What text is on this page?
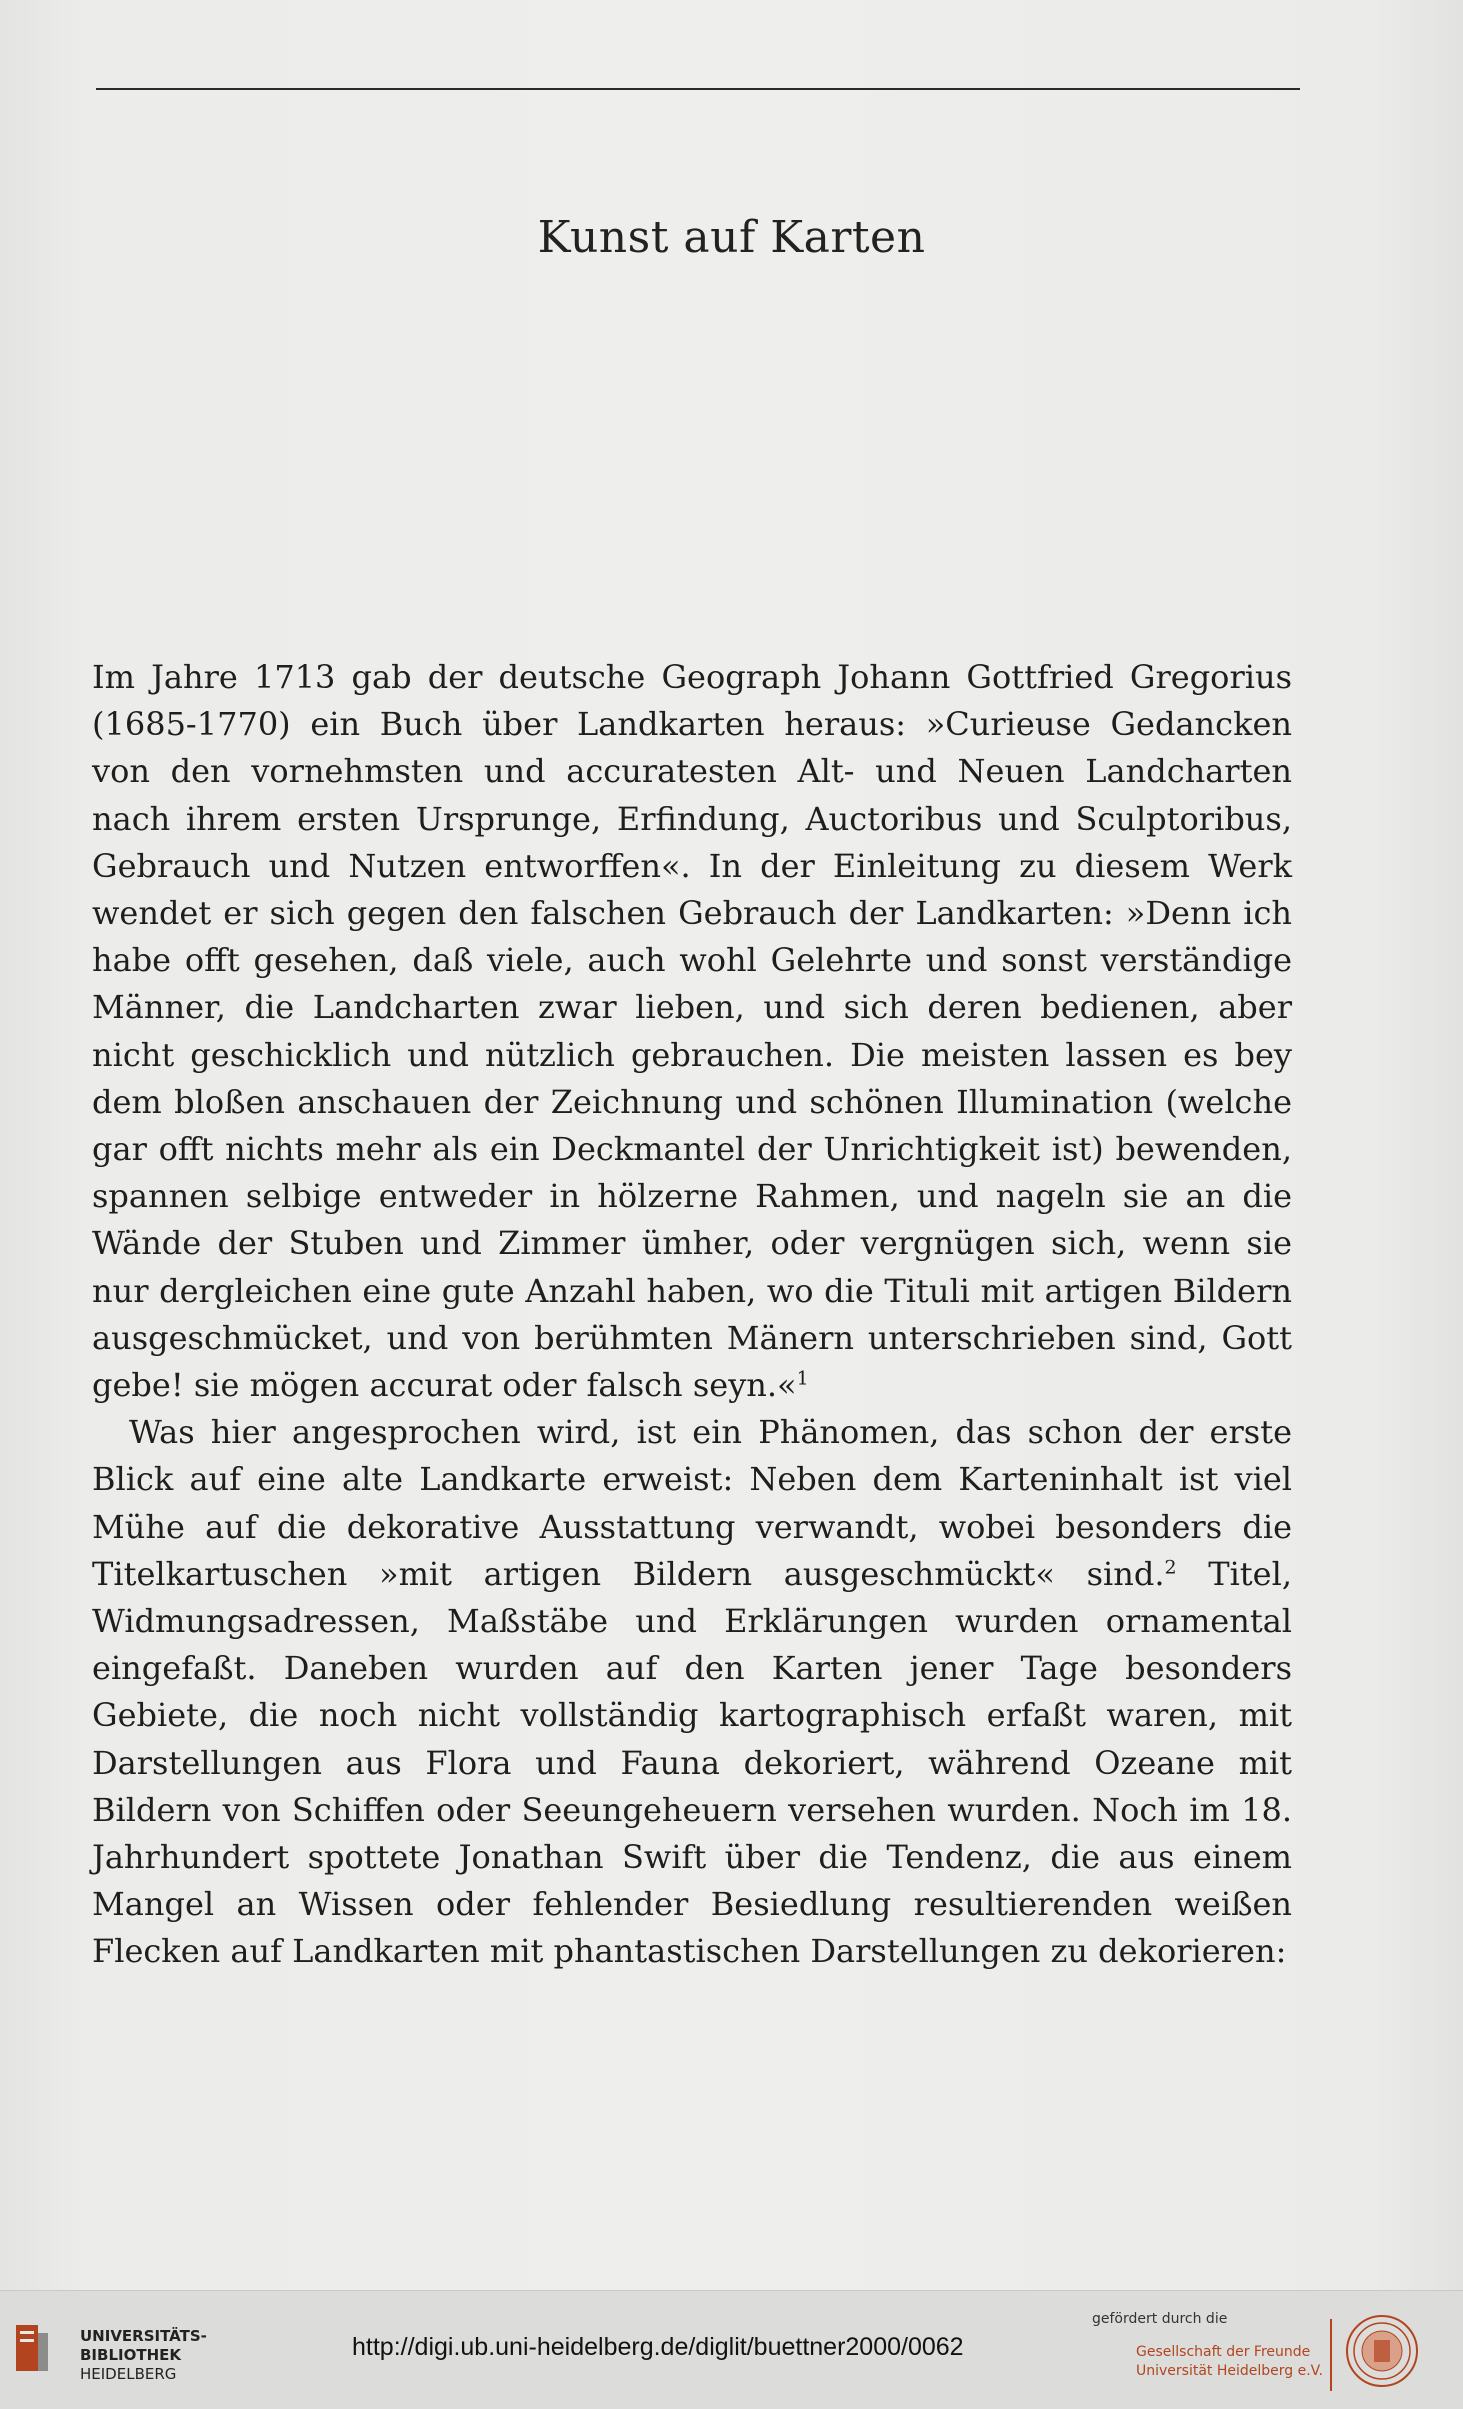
Kunst auf Karten

Im Jahre 1713 gab der deutsche Geograph Johann Gottfried Gregorius (1685-1770) ein Buch über Landkarten heraus: »Curieuse Gedancken von den vornehmsten und accuratesten Alt- und Neuen Landcharten nach ihrem ersten Ursprunge, Erfindung, Auctoribus und Sculptoribus, Gebrauch und Nutzen entworffen«. In der Einleitung zu diesem Werk wendet er sich gegen den falschen Gebrauch der Landkarten: »Denn ich habe offt gesehen, daß viele, auch wohl Gelehrte und sonst verständige Männer, die Landcharten zwar lieben, und sich deren bedienen, aber nicht geschicklich und nützlich gebrauchen. Die meisten lassen es bey dem bloßen anschauen der Zeichnung und schönen Illumination (welche gar offt nichts mehr als ein Deckmantel der Unrichtigkeit ist) bewenden, spannen selbige entweder in hölzerne Rahmen, und nageln sie an die Wände der Stuben und Zimmer ümher, oder vergnügen sich, wenn sie nur dergleichen eine gute Anzahl haben, wo die Tituli mit artigen Bildern ausgeschmücket, und von berühmten Mänern unterschrieben sind, Gott gebe! sie mögen accurat oder falsch seyn.«$^1$

Was hier angesprochen wird, ist ein Phänomen, das schon der erste Blick auf eine alte Landkarte erweist: Neben dem Karteninhalt ist viel Mühe auf die dekorative Ausstattung verwandt, wobei besonders die Titelkartuschen »mit artigen Bildern ausgeschmückt« sind.$^2$ Titel, Widmungsadressen, Maßstäbe und Erklärungen wurden ornamental eingefaßt. Daneben wurden auf den Karten jener Tage besonders Gebiete, die noch nicht vollständig kartographisch erfaßt waren, mit Darstellungen aus Flora und Fauna dekoriert, während Ozeane mit Bildern von Schiffen oder Seeungeheuern versehen wurden. Noch im 18. Jahrhundert spottete Jonathan Swift über die Tendenz, die aus einem Mangel an Wissen oder fehlender Besiedlung resultierenden weißen Flecken auf Landkarten mit phantastischen Darstellungen zu dekorieren:

UNIVERSITÄTS-
BIBLIOTHEK
HEIDELBERG
http://digi.ub.uni-heidelberg.de/diglit/buettner2000/0062
gefördert durch die
Gesellschaft der Freunde
Universität Heidelberg e.V.
